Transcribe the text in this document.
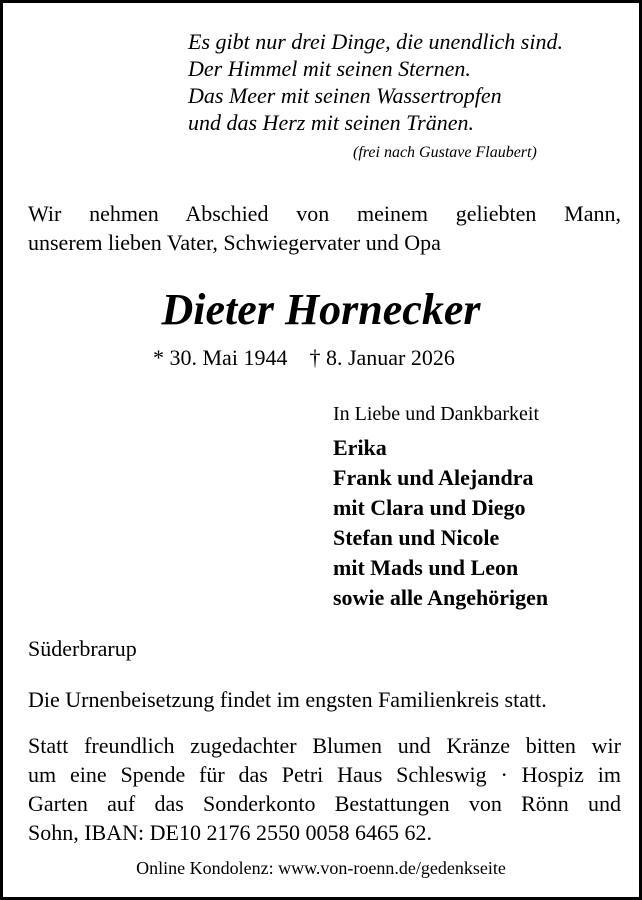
Es gibt nur drei Dinge, die unendlich sind.
Der Himmel mit seinen Sternen.
Das Meer mit seinen Wassertropfen
und das Herz mit seinen Tränen.
(frei nach Gustave Flaubert)
Wir nehmen Abschied von meinem geliebten Mann,
unserem lieben Vater, Schwiegervater und Opa
Dieter Hornecker
* 30. Mai 1944 † 8. Januar 2026
In Liebe und Dankbarkeit
Erika
Frank und Alejandra
mit Clara und Diego
Stefan und Nicole
mit Mads und Leon
sowie alle Angehörigen
Süderbrarup
Die Urnenbeisetzung findet im engsten Familienkreis statt.
Statt freundlich zugedachter Blumen und Kränze bitten wir
um eine Spende für das Petri Haus Schleswig · Hospiz im
Garten auf das Sonderkonto Bestattungen von Rönn und
Sohn, IBAN: DE10 2176 2550 0058 6465 62.
Online Kondolenz: www.von-roenn.de/gedenkseite
